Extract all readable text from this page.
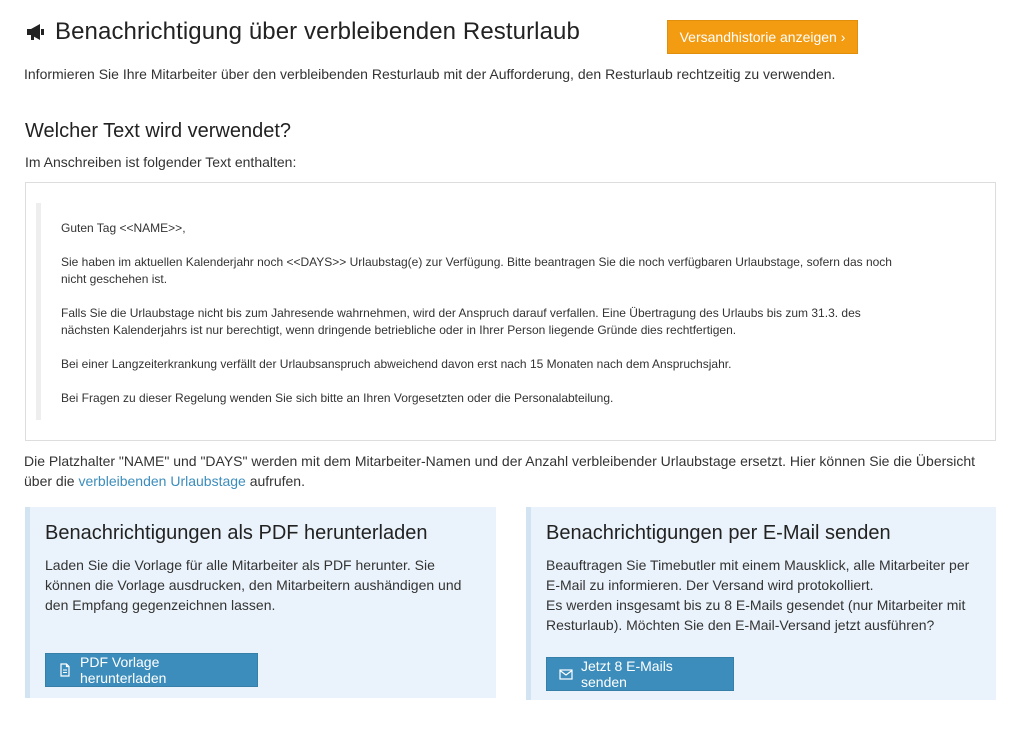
Benachrichtigung über verbleibenden Resturlaub	Versandhistorie anzeigen ›

Informieren Sie Ihre Mitarbeiter über den verbleibenden Resturlaub mit der Aufforderung, den Resturlaub rechtzeitig zu verwenden.

Welcher Text wird verwendet?

Im Anschreiben ist folgender Text enthalten:

Guten Tag <<NAME>>,

Sie haben im aktuellen Kalenderjahr noch <<DAYS>> Urlaubstag(e) zur Verfügung. Bitte beantragen Sie die noch verfügbaren Urlaubstage, sofern das noch nicht geschehen ist.

Falls Sie die Urlaubstage nicht bis zum Jahresende wahrnehmen, wird der Anspruch darauf verfallen. Eine Übertragung des Urlaubs bis zum 31.3. des nächsten Kalenderjahrs ist nur berechtigt, wenn dringende betriebliche oder in Ihrer Person liegende Gründe dies rechtfertigen.

Bei einer Langzeiterkrankung verfällt der Urlaubsanspruch abweichend davon erst nach 15 Monaten nach dem Anspruchsjahr.

Bei Fragen zu dieser Regelung wenden Sie sich bitte an Ihren Vorgesetzten oder die Personalabteilung.

Die Platzhalter "NAME" und "DAYS" werden mit dem Mitarbeiter-Namen und der Anzahl verbleibender Urlaubstage ersetzt. Hier können Sie die Übersicht über die verbleibenden Urlaubstage aufrufen.

Benachrichtigungen als PDF herunterladen

Laden Sie die Vorlage für alle Mitarbeiter als PDF herunter. Sie können die Vorlage ausdrucken, den Mitarbeitern aushändigen und den Empfang gegenzeichnen lassen.

PDF Vorlage herunterladen
Benachrichtigungen per E-Mail senden

Beauftragen Sie Timebutler mit einem Mausklick, alle Mitarbeiter per E-Mail zu informieren. Der Versand wird protokolliert.

Es werden insgesamt bis zu 8 E-Mails gesendet (nur Mitarbeiter mit Resturlaub). Möchten Sie den E-Mail-Versand jetzt ausführen?

Jetzt 8 E-Mails senden
